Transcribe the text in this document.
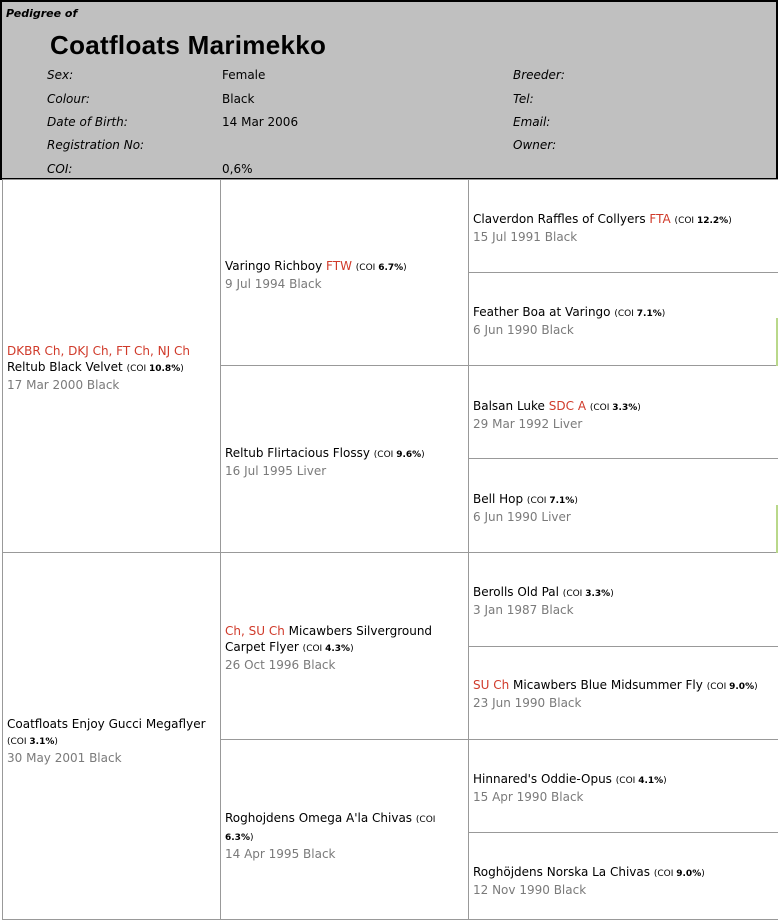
Pedigree of
Coatfloats Marimekko
Sex:	Female	Breeder:
Colour:	Black	Tel:
Date of Birth:	14 Mar 2006	Email:
Registration No:	Owner:
COI:	0,6%
DKBR Ch, DKJ Ch, FT Ch, NJ Ch
Reltub Black Velvet (COI 10.8%)
17 Mar 2000 Black
Coatfloats Enjoy Gucci Megaflyer
(COI 3.1%)
30 May 2001 Black
Varingo Richboy FTW (COI 6.7%)
9 Jul 1994 Black
Reltub Flirtacious Flossy (COI 9.6%)
16 Jul 1995 Liver
Ch, SU Ch Micawbers Silverground Carpet Flyer (COI 4.3%)
26 Oct 1996 Black
Roghojdens Omega A'la Chivas (COI 6.3%)
14 Apr 1995 Black
Claverdon Raffles of Collyers FTA (COI 12.2%)
15 Jul 1991 Black
Feather Boa at Varingo (COI 7.1%)
6 Jun 1990 Black
Balsan Luke SDC A (COI 3.3%)
29 Mar 1992 Liver
Bell Hop (COI 7.1%)
6 Jun 1990 Liver
Berolls Old Pal (COI 3.3%)
3 Jan 1987 Black
SU Ch Micawbers Blue Midsummer Fly (COI 9.0%)
23 Jun 1990 Black
Hinnared's Oddie-Opus (COI 4.1%)
15 Apr 1990 Black
Roghöjdens Norska La Chivas (COI 9.0%)
12 Nov 1990 Black
